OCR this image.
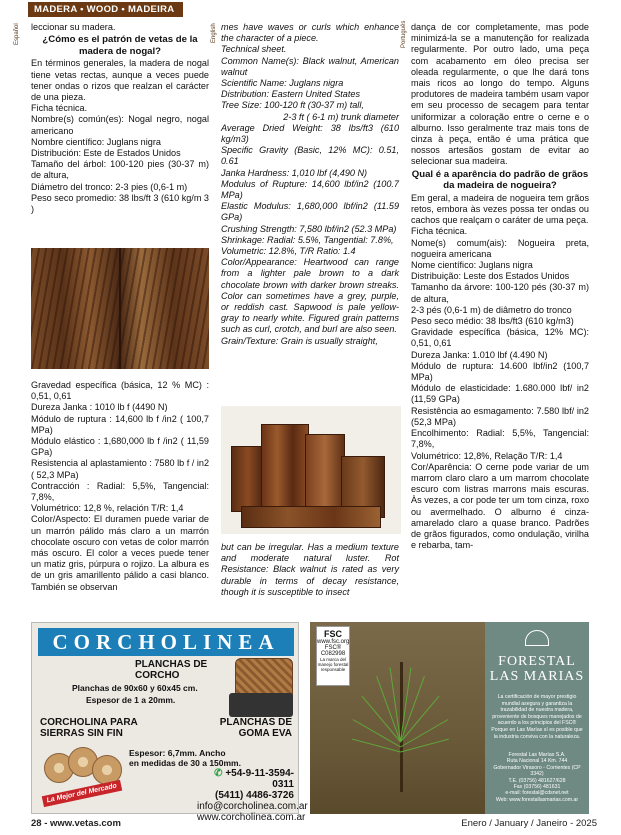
MADERA • WOOD • MADEIRA
Español	English	Português

leccionar su madera.

¿Cómo es el patrón de vetas de la madera de nogal?

En términos generales, la madera de nogal tiene vetas rectas, aunque a veces puede tener ondas o rizos que realzan el carácter de una pieza.

Ficha técnica.

Nombre(s) común(es): Nogal negro, nogal americano

Nombre científico: Juglans nigra

Distribución: Este de Estados Unidos

Tamaño del árbol: 100-120 pies (30-37 m) de altura,

Diámetro del tronco: 2-3 pies (0,6-1 m)

Peso seco promedio: 38 lbs/ft 3 (610 kg/m 3 )

Gravedad específica (básica, 12 % MC) : 0,51, 0,61

Dureza Janka : 1010 lb f (4490 N)

Módulo de ruptura : 14,600 lb f /in2 ( 100,7 MPa)

Módulo elástico : 1,680,000 lb f /in2 ( 11,59 GPa)

Resistencia al aplastamiento : 7580 lb f / in2 ( 52,3 MPa)

Contracción : Radial: 5,5%, Tangencial: 7,8%,

Volumétrico: 12,8 %, relación T/R: 1,4

Color/Aspecto: El duramen puede variar de un marrón pálido más claro a un marrón chocolate oscuro con vetas de color marrón más oscuro. El color a veces puede tener un matiz gris, púrpura o rojizo. La albura es de un gris amarillento pálido a casi blanco. También se observan

mes have waves or curls which enhance the character of a piece.

Technical sheet.

Common Name(s): Black walnut, American walnut

Scientific Name: Juglans nigra

Distribution: Eastern United States

Tree Size: 100-120 ft (30-37 m) tall,

2-3 ft ( 6-1 m) trunk diameter

Average Dried Weight: 38 lbs/ft3 (610 kg/m3)

Specific Gravity (Basic, 12% MC): 0.51, 0.61

Janka Hardness: 1,010 lbf (4,490 N)

Modulus of Rupture: 14,600 lbf/in2 (100.7 MPa)

Elastic Modulus: 1,680,000 lbf/in2 (11.59 GPa)

Crushing Strength: 7,580 lbf/in2 (52.3 MPa)

Shrinkage: Radial: 5.5%, Tangential: 7.8%,

Volumetric: 12.8%, T/R Ratio: 1.4

Color/Appearance: Heartwood can range from a lighter pale brown to a dark chocolate brown with darker brown streaks. Color can sometimes have a grey, purple, or reddish cast. Sapwood is pale yellow-gray to nearly white. Figured grain patterns such as curl, crotch, and burl are also seen.

Grain/Texture: Grain is usually straight,

but can be irregular. Has a medium texture and moderate natural luster. Rot Resistance: Black walnut is rated as very durable in terms of decay resistance, though it is susceptible to insect

dança de cor completamente, mas pode minimizá-la se a manutenção for realizada regularmente. Por outro lado, uma peça com acabamento em óleo precisa ser oleada regularmente, o que lhe dará tons mais ricos ao longo do tempo. Alguns produtores de madeira também usam vapor em seu processo de secagem para tentar uniformizar a coloração entre o cerne e o alburno. Isso geralmente traz mais tons de cinza à peça, então é uma prática que nossos artesãos gostam de evitar ao selecionar sua madeira.

Qual é a aparência do padrão de grãos da madeira de nogueira?

Em geral, a madeira de nogueira tem grãos retos, embora às vezes possa ter ondas ou cachos que realçam o caráter de uma peça.

Ficha técnica.

Nome(s) comum(ais): Nogueira preta, nogueira americana

Nome científico: Juglans nigra

Distribuição: Leste dos Estados Unidos

Tamanho da árvore: 100-120 pés (30-37 m) de altura,

2-3 pés (0,6-1 m) de diâmetro do tronco

Peso seco médio: 38 lbs/ft3 (610 kg/m3)

Gravidade específica (básica, 12% MC): 0,51, 0,61

Dureza Janka: 1.010 lbf (4.490 N)

Módulo de ruptura: 14.600 lbf/in2 (100,7 MPa)

Módulo de elasticidade: 1.680.000 lbf/ in2 (11,59 GPa)

Resistência ao esmagamento: 7.580 lbf/ in2 (52,3 MPa)

Encolhimento: Radial: 5,5%, Tangencial: 7,8%,

Volumétrico: 12,8%, Relação T/R: 1,4

Cor/Aparência: O cerne pode variar de um marrom claro claro a um marrom chocolate escuro com listras marrons mais escuras. Às vezes, a cor pode ter um tom cinza, roxo ou avermelhado. O alburno é cinza-amarelado claro a quase branco. Padrões de grãos figurados, como ondulação, virilha e rebarba, tam-

CORCHOLINEA
PLANCHAS DE CORCHO
Planchas de 90x60 y 60x45 cm.
Espesor de 1 a 20mm.
CORCHOLINA PARA SIERRAS SIN FIN
PLANCHAS DE GOMA EVA
Espesor: 6,7mm. Ancho
en medidas de 30 a 150mm.
✆ +54-9-11-3594-0311
(5411) 4486-3726
info@corcholinea.com.ar
www.corcholinea.com.ar
La Mejor del Mercado
FSC
www.fsc.org
FSC® C082998
La marca del manejo forestal responsable
FORESTAL
LAS MARIAS
La certificación de mayor prestigio mundial asegura y garantiza la trazabilidad de nuestra madera, proveniente de bosques manejados de acuerdo a los principios del FSC® Porque en Las Marías sí es posible que la industria conviva con la naturaleza.
Forestal Las Marías S.A.
Ruta Nacional 14 Km. 744
Gobernador Virasoro - Corrientes (CP 3342)
T.E. (03756) 481627/628
Fax (03756) 481631
e-mail: forestal@cdsnet.net
Web: www.forestallasmarias.com.ar
28 - www.vetas.com	Enero / January / Janeiro - 2025
